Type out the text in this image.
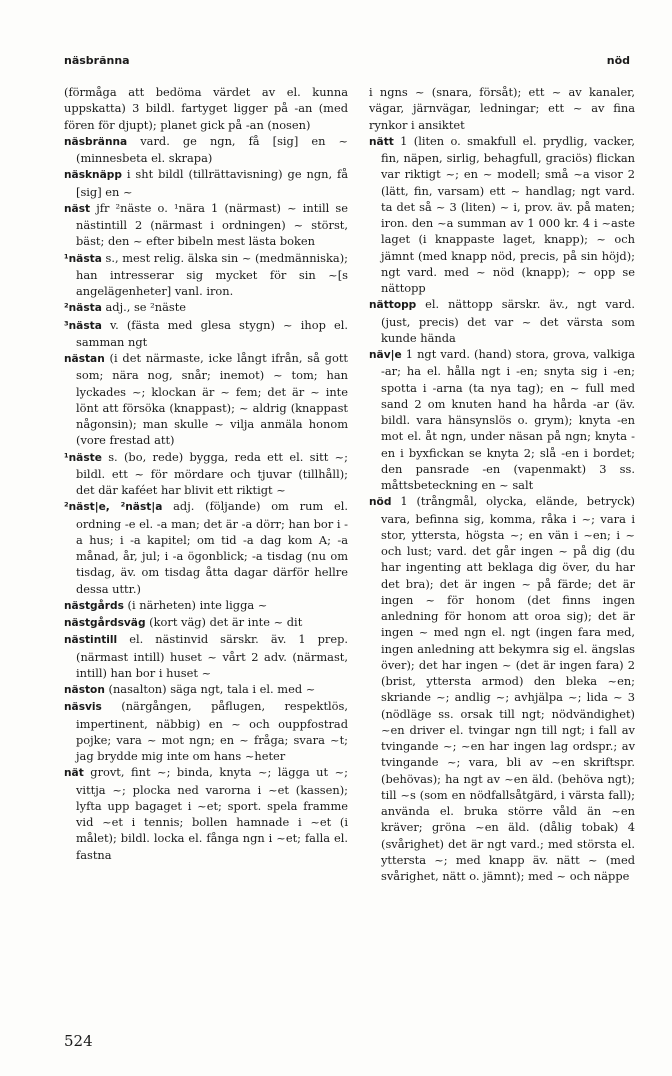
näsbrănna	nöd

(förmåga att bedöma värdet av el. kunna uppskatta) 3 bildl. fartyget ligger på -an (med fören för djupt); planet gick på -an (nosen)

näsbränna vard. ge ngn, få [sig] en ~ (minnesbeta el. skrapa)

näsknäpp i sht bildl (tillrättavisning) ge ngn, få [sig] en ~

näst jfr ²näste o. ¹nära 1 (närmast) ~ intill se nästintill 2 (närmast i ordningen) ~ störst, bäst; den ~ efter bibeln mest lästa boken

¹nästa s., mest relig. älska sin ~ (medmänniska); han intresserar sig mycket för sin ~[s angelägenheter] vanl. iron.

²nästa adj., se ²näste

³nästa v. (fästa med glesa stygn) ~ ihop el. samman ngt

nästan (i det närmaste, icke långt ifrån, så gott som; nära nog, snår; inemot) ~ tom; han lyckades ~; klockan är ~ fem; det är ~ inte lönt att försöka (knappast); ~ aldrig (knappast någonsin); man skulle ~ vilja anmäla honom (vore frestad att)

¹näste s. (bo, rede) bygga, reda ett el. sitt ~; bildl. ett ~ för mördare och tjuvar (tillhåll); det där kaféet har blivit ett riktigt ~

²näst|e, ²näst|a adj. (följande) om rum el. ordning -e el. -a man; det är -a dörr; han bor i -a hus; i -a kapitel; om tid -a dag kom A; -a månad, år, jul; i -a ögonblick; -a tisdag (nu om tisdag, äv. om tisdag åtta dagar därför hellre dessa uttr.)

nästgårds (i närheten) inte ligga ~

nästgårdsväg (kort väg) det är inte ~ dit

nästintill el. nästinvid särskr. äv. 1 prep. (närmast intill) huset ~ vårt 2 adv. (närmast, intill) han bor i huset ~

näston (nasalton) säga ngt, tala i el. med ~

näsvis (närgången, påflugen, respektlös, impertinent, näbbig) en ~ och ouppfostrad pojke; vara ~ mot ngn; en ~ fråga; svara ~t; jag brydde mig inte om hans ~heter

nät grovt, fint ~; binda, knyta ~; lägga ut ~; vittja ~; plocka ned varorna i ~et (kassen); lyfta upp bagaget i ~et; sport. spela framme vid ~et i tennis; bollen hamnade i ~et (i målet); bildl. locka el. fånga ngn i ~et; falla el. fastna

i ngns ~ (snara, försåt); ett ~ av kanaler, vägar, järnvägar, ledningar; ett ~ av fina rynkor i ansiktet

nätt 1 (liten o. smakfull el. prydlig, vacker, fin, näpen, sirlig, behagfull, graciös) flickan var riktigt ~; en ~ modell; små ~a visor 2 (lätt, fin, varsam) ett ~ handlag; ngt vard. ta det så ~ 3 (liten) ~ i, prov. äv. på maten; iron. den ~a summan av 1 000 kr. 4 i ~aste laget (i knappaste laget, knapp); ~ och jämnt (med knapp nöd, precis, på sin höjd); ngt vard. med ~ nöd (knapp); ~ opp se nättopp

nättopp el. nättopp särskr. äv., ngt vard. (just, precis) det var ~ det värsta som kunde hända

näv|e 1 ngt vard. (hand) stora, grova, valkiga -ar; ha el. hålla ngt i -en; snyta sig i -en; spotta i -arna (ta nya tag); en ~ full med sand 2 om knuten hand ha hårda -ar (äv. bildl. vara hänsynslös o. grym); knyta -en mot el. åt ngn, under näsan på ngn; knyta -en i byxfickan se knyta 2; slå -en i bordet; den pansrade -en (vapenmakt) 3 ss. måttsbeteckning en ~ salt

nöd 1 (trångmål, olycka, elände, betryck) vara, befinna sig, komma, råka i ~; vara i stor, yttersta, högsta ~; en vän i ~en; i ~ och lust; vard. det går ingen ~ på dig (du har ingenting att beklaga dig över, du har det bra); det är ingen ~ på färde; det är ingen ~ för honom (det finns ingen anledning för honom att oroa sig); det är ingen ~ med ngn el. ngt (ingen fara med, ingen anledning att bekymra sig el. ängslas över); det har ingen ~ (det är ingen fara) 2 (brist, yttersta armod) den bleka ~en; skriande ~; andlig ~; avhjälpa ~; lida ~ 3 (nödläge ss. orsak till ngt; nödvändighet) ~en driver el. tvingar ngn till ngt; i fall av tvingande ~; ~en har ingen lag ordspr.; av tvingande ~; vara, bli av ~en skriftspr. (behövas); ha ngt av ~en äld. (behöva ngt); till ~s (som en nödfallsåtgärd, i värsta fall); använda el. bruka större våld än ~en kräver; gröna ~en äld. (dålig tobak) 4 (svårighet) det är ngt vard.; med största el. yttersta ~; med knapp äv. nätt ~ (med svårighet, nätt o. jämnt); med ~ och näppe

524
